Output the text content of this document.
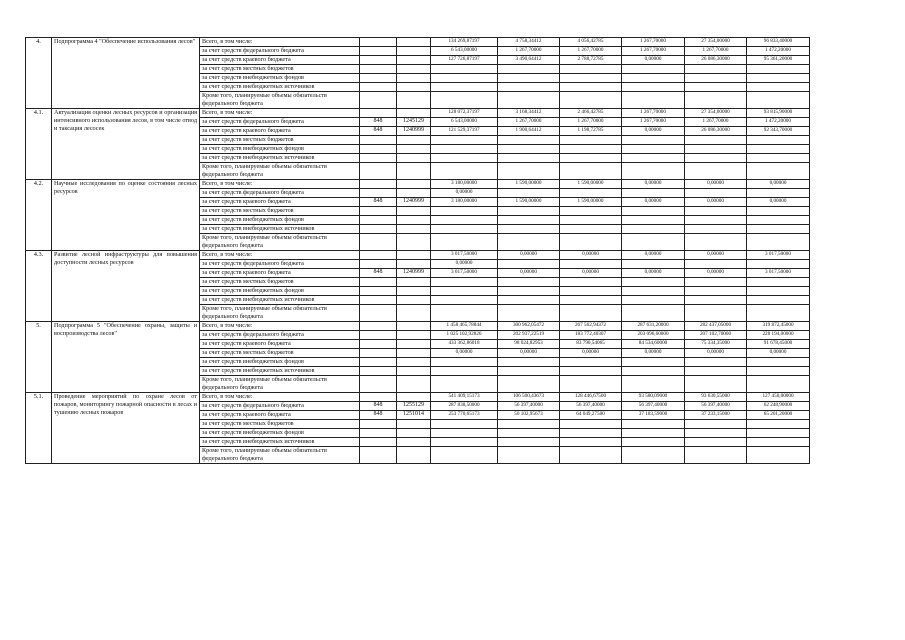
4.	Подпрограмма 4 "Обеспечение использования лесов"	Всего, в том числе:			134 269,87197	4 758,34412	4 056,42785	1 267,70000	27 354,00000	96 833,40000
		за счет средств федерального бюджета			6 543,00000	1 267,70000	1 267,70000	1 267,70000	1 267,70000	1 472,20000
		за счет средств краевого бюджета			127 726,87197	3 490,64412	2 788,72785	0,00000	26 086,30000	95 361,20000
		за счет средств местных бюджетов								
		за счет средств внебюджетных фондов								
		за счет средств внебюджетных источников								
		Кроме того, планируемые объемы обязательств федерального бюджета								
4.1.	Актуализация оценки лесных ресурсов и организация интенсивного использования лесов, в том числе отвод и таксация лесосек	Всего, в том числе:			128 072,37197	3 168,34412	2 466,42785	1 267,70000	27 354,00000	93 815,90000
		за счет средств федерального бюджета	848	1245129	6 543,00000	1 267,70000	1 267,70000	1 267,70000	1 267,70000	1 472,20000
		за счет средств краевого бюджета	848	1240999	121 529,37197	1 900,64412	1 198,72785	0,00000	26 086,30000	92 343,70000
		за счет средств местных бюджетов								
		за счет средств внебюджетных фондов								
		за счет средств внебюджетных источников								
		Кроме того, планируемые объемы обязательств федерального бюджета								
4.2.	Научные исследования по оценке состояния лесных ресурсов	Всего, в том числе:			3 180,00000	1 590,00000	1 590,00000	0,00000	0,00000	0,00000
		за счет средств федерального бюджета			0,00000					
		за счет средств краевого бюджета	848	1240999	3 180,00000	1 590,00000	1 590,00000	0,00000	0,00000	0,00000
		за счет средств местных бюджетов								
		за счет средств внебюджетных фондов								
		за счет средств внебюджетных источников								
		Кроме того, планируемые объемы обязательств федерального бюджета								
4.3.	Развитие лесной инфраструктуры для повышения доступности лесных ресурсов	Всего, в том числе:			3 017,50000	0,00000	0,00000	0,00000	0,00000	3 017,50000
		за счет средств федерального бюджета			0,00000					
		за счет средств краевого бюджета	848	1240999	3 017,50000	0,00000	0,00000	0,00000	0,00000	3 017,50000
		за счет средств местных бюджетов								
		за счет средств внебюджетных фондов								
		за счет средств внебюджетных источников								
		Кроме того, планируемые объемы обязательств федерального бюджета								
5.	Подпрограмма 5 "Обеспечение охраны, защиты и воспроизводства лесов"	Всего, в том числе:			1 458 465,78844	300 962,05472	267 562,94372	287 631,20000	282 437,05000	319 872,45000
		за счет средств федерального бюджета			1 025 102,92826	202 937,22519	183 772,40307	203 096,60000	207 102,70000	228 194,00000
		за счет средств краевого бюджета			433 362,86018	98 024,82953	83 790,54065	84 534,60000	75 334,35000	91 678,45000
		за счет средств местных бюджетов			0,00000	0,00000	0,00000	0,00000	0,00000	0,00000
		за счет средств внебюджетных фондов								
		за счет средств внебюджетных источников								
		Кроме того, планируемые объемы обязательств федерального бюджета								
5.1.	Проведение мероприятий по охране лесов от пожаров, мониторингу пожарной опасности в лесах и тушению лесных пожаров	Всего, в том числе:			541 409,15173	106 500,43673	128 446,67500	93 580,09000	93 630,55000	127 450,00000
		за счет средств федерального бюджета	848	1255129	287 838,50000	56 397,40000	56 397,40000	56 397,40000	56 397,40000	62 248,90000
		за счет средств краевого бюджета	848	1251014	253 770,65173	50 102,95673	64 049,27500	37 183,59000	37 233,15000	65 201,20000
		за счет средств местных бюджетов								
		за счет средств внебюджетных фондов								
		за счет средств внебюджетных источников								
		Кроме того, планируемые объемы обязательств федерального бюджета								
